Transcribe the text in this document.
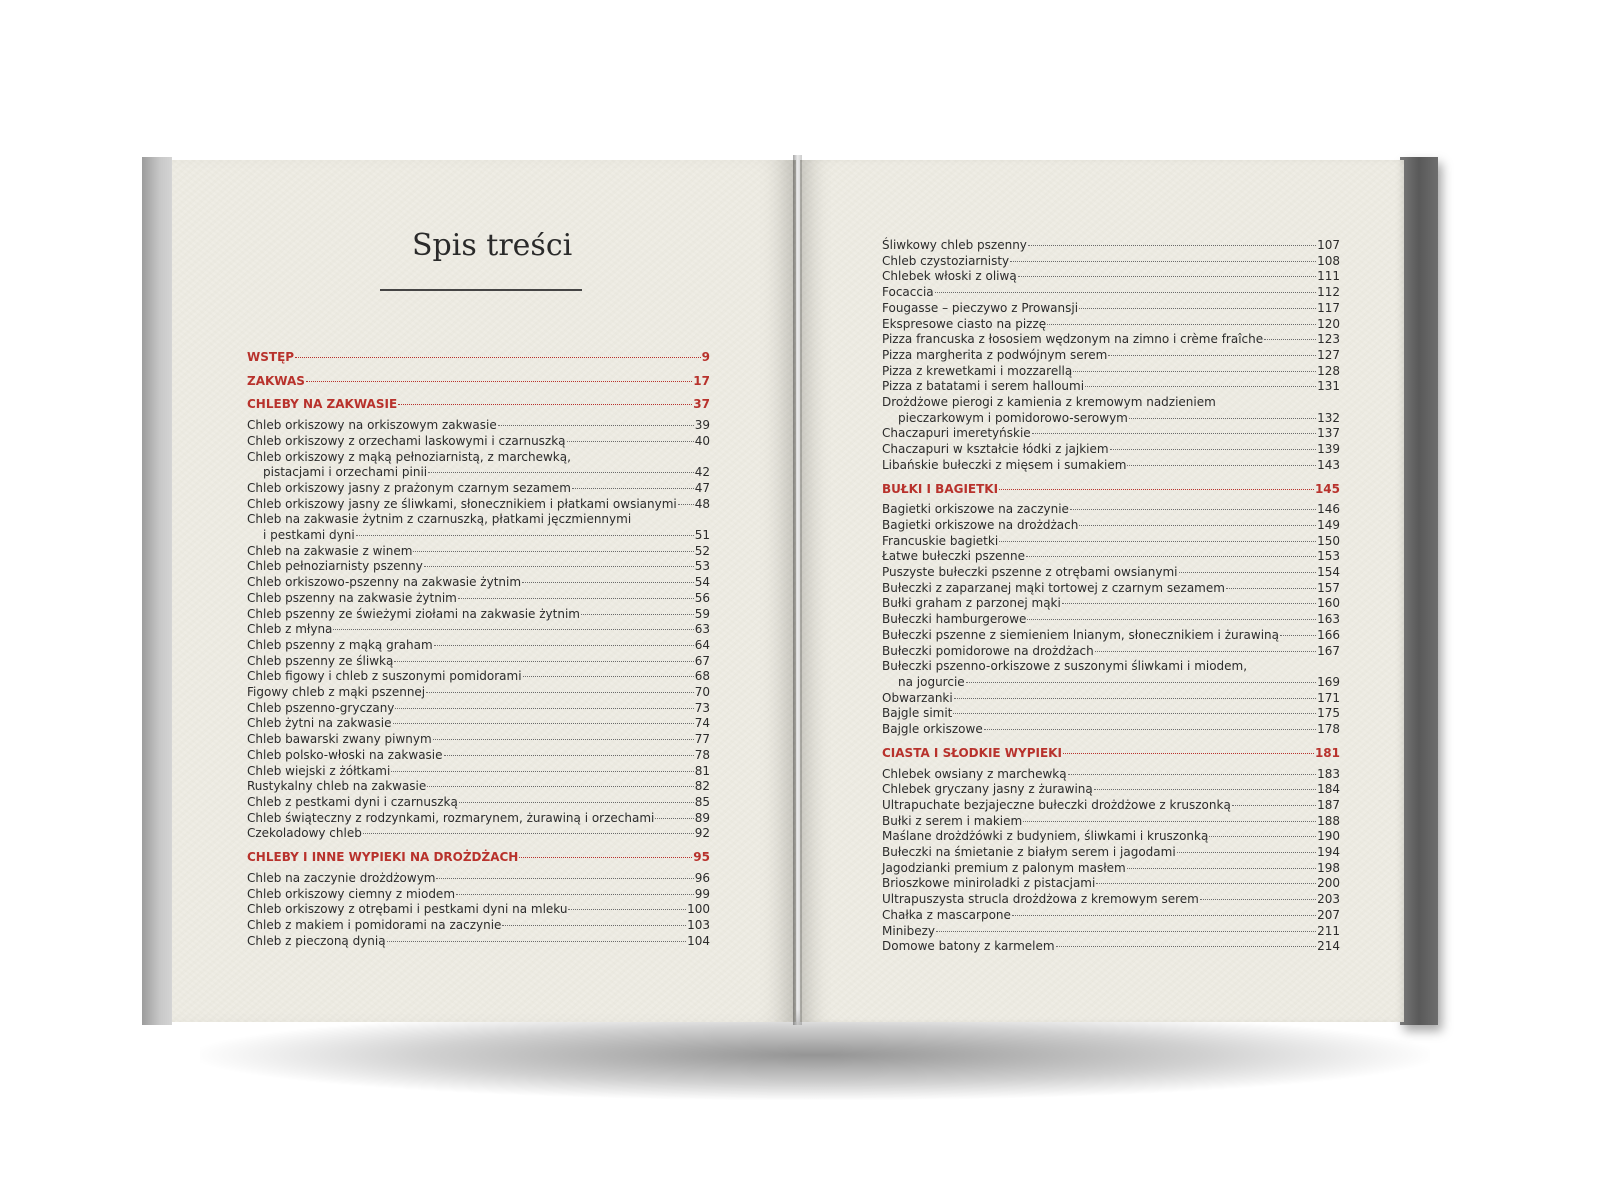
Spis treści
WSTĘP	9
ZAKWAS	17
CHLEBY NA ZAKWASIE	37
Chleb orkiszowy na orkiszowym zakwasie	39
Chleb orkiszowy z orzechami laskowymi i czarnuszką	40
Chleb orkiszowy z mąką pełnoziarnistą, z marchewką,
pistacjami i orzechami pinii	42
Chleb orkiszowy jasny z prażonym czarnym sezamem	47
Chleb orkiszowy jasny ze śliwkami, słonecznikiem i płatkami owsianymi 48
Chleb na zakwasie żytnim z czarnuszką, płatkami jęczmiennymi
i pestkami dyni	51
Chleb na zakwasie z winem	52
Chleb pełnoziarnisty pszenny	53
Chleb orkiszowo-pszenny na zakwasie żytnim	54
Chleb pszenny na zakwasie żytnim	56
Chleb pszenny ze świeżymi ziołami na zakwasie żytnim	59
Chleb z młyna	63
Chleb pszenny z mąką graham	64
Chleb pszenny ze śliwką	67
Chleb figowy i chleb z suszonymi pomidorami	68
Figowy chleb z mąki pszennej	70
Chleb pszenno-gryczany	73
Chleb żytni na zakwasie	74
Chleb bawarski zwany piwnym	77
Chleb polsko-włoski na zakwasie	78
Chleb wiejski z żółtkami	81
Rustykalny chleb na zakwasie	82
Chleb z pestkami dyni i czarnuszką	85
Chleb świąteczny z rodzynkami, rozmarynem, żurawiną i orzechami	89
Czekoladowy chleb	92
CHLEBY I INNE WYPIEKI NA DROŻDŻACH	95
Chleb na zaczynie drożdżowym	96
Chleb orkiszowy ciemny z miodem	99
Chleb orkiszowy z otrębami i pestkami dyni na mleku	100
Chleb z makiem i pomidorami na zaczynie	103
Chleb z pieczoną dynią	104
Śliwkowy chleb pszenny	107
Chleb czystoziarnisty	108
Chlebek włoski z oliwą	111
Focaccia	112
Fougasse – pieczywo z Prowansji	117
Ekspresowe ciasto na pizzę	120
Pizza francuska z łososiem wędzonym na zimno i crème fraîche	123
Pizza margherita z podwójnym serem	127
Pizza z krewetkami i mozzarellą	128
Pizza z batatami i serem halloumi	131
Drożdżowe pierogi z kamienia z kremowym nadzieniem
pieczarkowym i pomidorowo-serowym	132
Chaczapuri imeretyńskie	137
Chaczapuri w kształcie łódki z jajkiem	139
Libańskie bułeczki z mięsem i sumakiem	143
BUŁKI I BAGIETKI	145
Bagietki orkiszowe na zaczynie	146
Bagietki orkiszowe na drożdżach	149
Francuskie bagietki	150
Łatwe bułeczki pszenne	153
Puszyste bułeczki pszenne z otrębami owsianymi	154
Bułeczki z zaparzanej mąki tortowej z czarnym sezamem	157
Bułki graham z parzonej mąki	160
Bułeczki hamburgerowe	163
Bułeczki pszenne z siemieniem lnianym, słonecznikiem i żurawiną	166
Bułeczki pomidorowe na drożdżach	167
Bułeczki pszenno-orkiszowe z suszonymi śliwkami i miodem,
na jogurcie	169
Obwarzanki	171
Bajgle simit	175
Bajgle orkiszowe	178
CIASTA I SŁODKIE WYPIEKI	181
Chlebek owsiany z marchewką	183
Chlebek gryczany jasny z żurawiną	184
Ultrapuchate bezjajeczne bułeczki drożdżowe z kruszonką	187
Bułki z serem i makiem	188
Maślane drożdżówki z budyniem, śliwkami i kruszonką	190
Bułeczki na śmietanie z białym serem i jagodami	194
Jagodzianki premium z palonym masłem	198
Brioszkowe miniroladki z pistacjami	200
Ultrapuszysta strucla drożdżowa z kremowym serem	203
Chałka z mascarpone	207
Minibezy	211
Domowe batony z karmelem	214
